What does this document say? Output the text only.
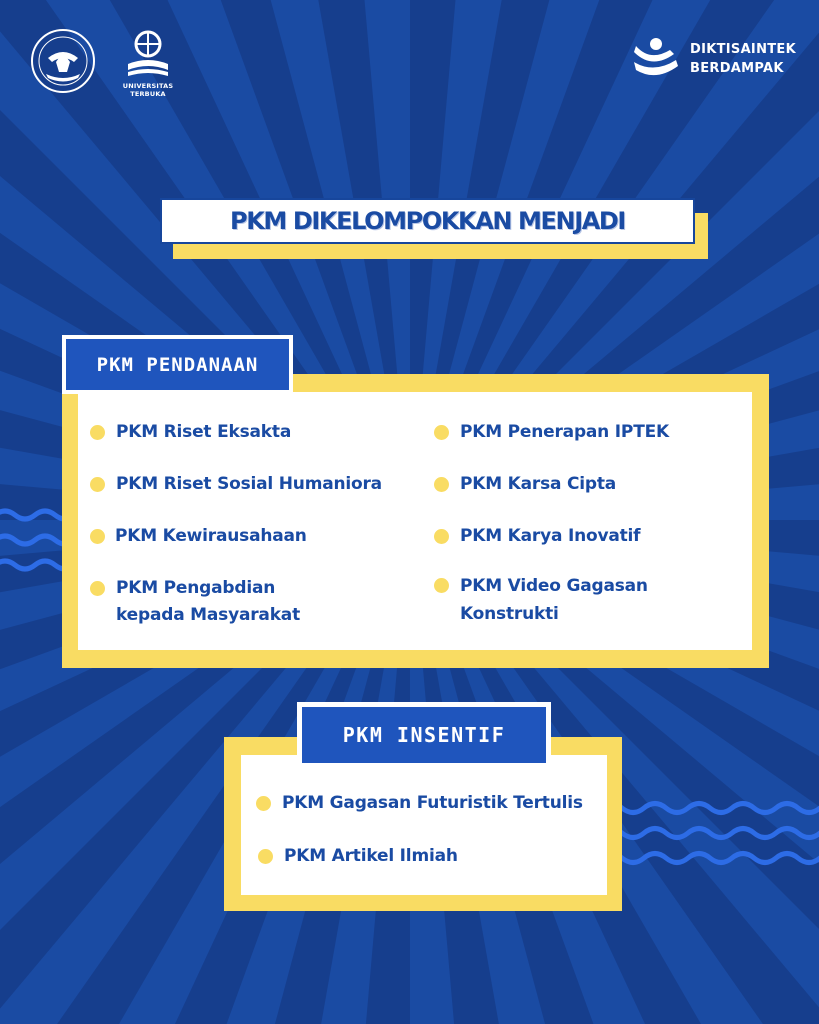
UNIVERSITAS TERBUKA
DIKTISAINTEK
BERDAMPAK
PKM DIKELOMPOKKAN MENJADI
PKM PENDANAAN
PKM Riset Eksakta
PKM Riset Sosial Humaniora
PKM Kewirausahaan
PKM Pengabdian
kepada Masyarakat
PKM Penerapan IPTEK
PKM Karsa Cipta
PKM Karya Inovatif
PKM Video Gagasan
Konstrukti
PKM INSENTIF
PKM Gagasan Futuristik Tertulis
PKM Artikel Ilmiah
